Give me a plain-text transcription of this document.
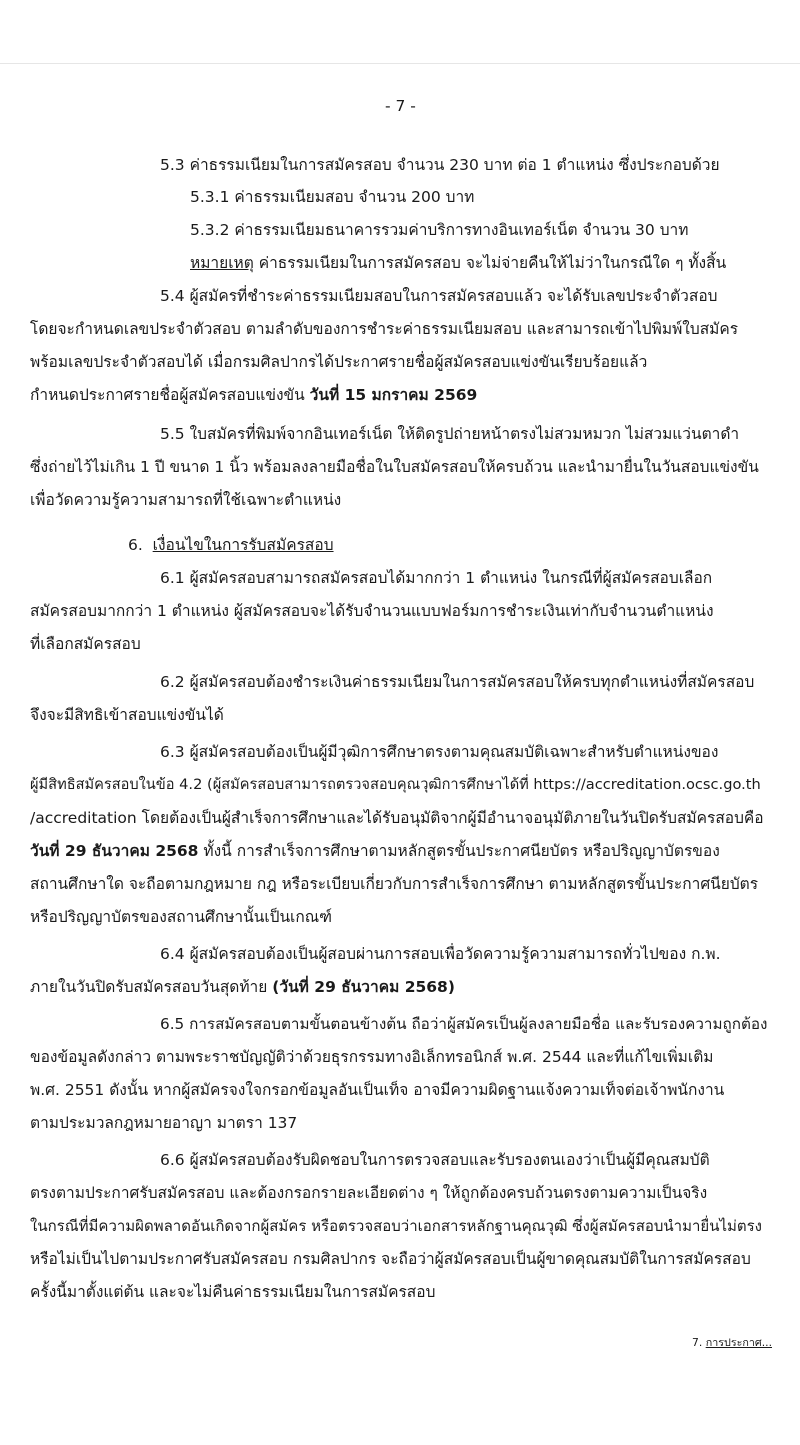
- 7 -
5.3 ค่าธรรมเนียมในการสมัครสอบ จำนวน 230 บาท ต่อ 1 ตำแหน่ง ซึ่งประกอบด้วย
5.3.1 ค่าธรรมเนียมสอบ จำนวน 200 บาท
5.3.2 ค่าธรรมเนียมธนาคารรวมค่าบริการทางอินเทอร์เน็ต จำนวน 30 บาท
หมายเหตุ ค่าธรรมเนียมในการสมัครสอบ จะไม่จ่ายคืนให้ไม่ว่าในกรณีใด ๆ ทั้งสิ้น
5.4 ผู้สมัครที่ชำระค่าธรรมเนียมสอบในการสมัครสอบแล้ว จะได้รับเลขประจำตัวสอบ
โดยจะกำหนดเลขประจำตัวสอบ ตามลำดับของการชำระค่าธรรมเนียมสอบ และสามารถเข้าไปพิมพ์ใบสมัคร
พร้อมเลขประจำตัวสอบได้ เมื่อกรมศิลปากรได้ประกาศรายชื่อผู้สมัครสอบแข่งขันเรียบร้อยแล้ว
กำหนดประกาศรายชื่อผู้สมัครสอบแข่งขัน วันที่ 15 มกราคม 2569
5.5 ใบสมัครที่พิมพ์จากอินเทอร์เน็ต ให้ติดรูปถ่ายหน้าตรงไม่สวมหมวก ไม่สวมแว่นตาดำ
ซึ่งถ่ายไว้ไม่เกิน 1 ปี ขนาด 1 นิ้ว พร้อมลงลายมือชื่อในใบสมัครสอบให้ครบถ้วน และนำมายื่นในวันสอบแข่งขัน
เพื่อวัดความรู้ความสามารถที่ใช้เฉพาะตำแหน่ง
6. เงื่อนไขในการรับสมัครสอบ
6.1 ผู้สมัครสอบสามารถสมัครสอบได้มากกว่า 1 ตำแหน่ง ในกรณีที่ผู้สมัครสอบเลือก
สมัครสอบมากกว่า 1 ตำแหน่ง ผู้สมัครสอบจะได้รับจำนวนแบบฟอร์มการชำระเงินเท่ากับจำนวนตำแหน่ง
ที่เลือกสมัครสอบ
6.2 ผู้สมัครสอบต้องชำระเงินค่าธรรมเนียมในการสมัครสอบให้ครบทุกตำแหน่งที่สมัครสอบ
จึงจะมีสิทธิเข้าสอบแข่งขันได้
6.3 ผู้สมัครสอบต้องเป็นผู้มีวุฒิการศึกษาตรงตามคุณสมบัติเฉพาะสำหรับตำแหน่งของ
ผู้มีสิทธิสมัครสอบในข้อ 4.2 (ผู้สมัครสอบสามารถตรวจสอบคุณวุฒิการศึกษาได้ที่ https://accreditation.ocsc.go.th
/accreditation โดยต้องเป็นผู้สำเร็จการศึกษาและได้รับอนุมัติจากผู้มีอำนาจอนุมัติภายในวันปิดรับสมัครสอบคือ
วันที่ 29 ธันวาคม 2568 ทั้งนี้ การสำเร็จการศึกษาตามหลักสูตรขั้นประกาศนียบัตร หรือปริญญาบัตรของ
สถานศึกษาใด จะถือตามกฎหมาย กฎ หรือระเบียบเกี่ยวกับการสำเร็จการศึกษา ตามหลักสูตรขั้นประกาศนียบัตร
หรือปริญญาบัตรของสถานศึกษานั้นเป็นเกณฑ์
6.4 ผู้สมัครสอบต้องเป็นผู้สอบผ่านการสอบเพื่อวัดความรู้ความสามารถทั่วไปของ ก.พ.
ภายในวันปิดรับสมัครสอบวันสุดท้าย (วันที่ 29 ธันวาคม 2568)
6.5 การสมัครสอบตามขั้นตอนข้างต้น ถือว่าผู้สมัครเป็นผู้ลงลายมือชื่อ และรับรองความถูกต้อง
ของข้อมูลดังกล่าว ตามพระราชบัญญัติว่าด้วยธุรกรรมทางอิเล็กทรอนิกส์ พ.ศ. 2544 และที่แก้ไขเพิ่มเติม
พ.ศ. 2551 ดังนั้น หากผู้สมัครจงใจกรอกข้อมูลอันเป็นเท็จ อาจมีความผิดฐานแจ้งความเท็จต่อเจ้าพนักงาน
ตามประมวลกฎหมายอาญา มาตรา 137
6.6 ผู้สมัครสอบต้องรับผิดชอบในการตรวจสอบและรับรองตนเองว่าเป็นผู้มีคุณสมบัติ
ตรงตามประกาศรับสมัครสอบ และต้องกรอกรายละเอียดต่าง ๆ ให้ถูกต้องครบถ้วนตรงตามความเป็นจริง
ในกรณีที่มีความผิดพลาดอันเกิดจากผู้สมัคร หรือตรวจสอบว่าเอกสารหลักฐานคุณวุฒิ ซึ่งผู้สมัครสอบนำมายื่นไม่ตรง
หรือไม่เป็นไปตามประกาศรับสมัครสอบ กรมศิลปากร จะถือว่าผู้สมัครสอบเป็นผู้ขาดคุณสมบัติในการสมัครสอบ
ครั้งนี้มาตั้งแต่ต้น และจะไม่คืนค่าธรรมเนียมในการสมัครสอบ
7. การประกาศ...
